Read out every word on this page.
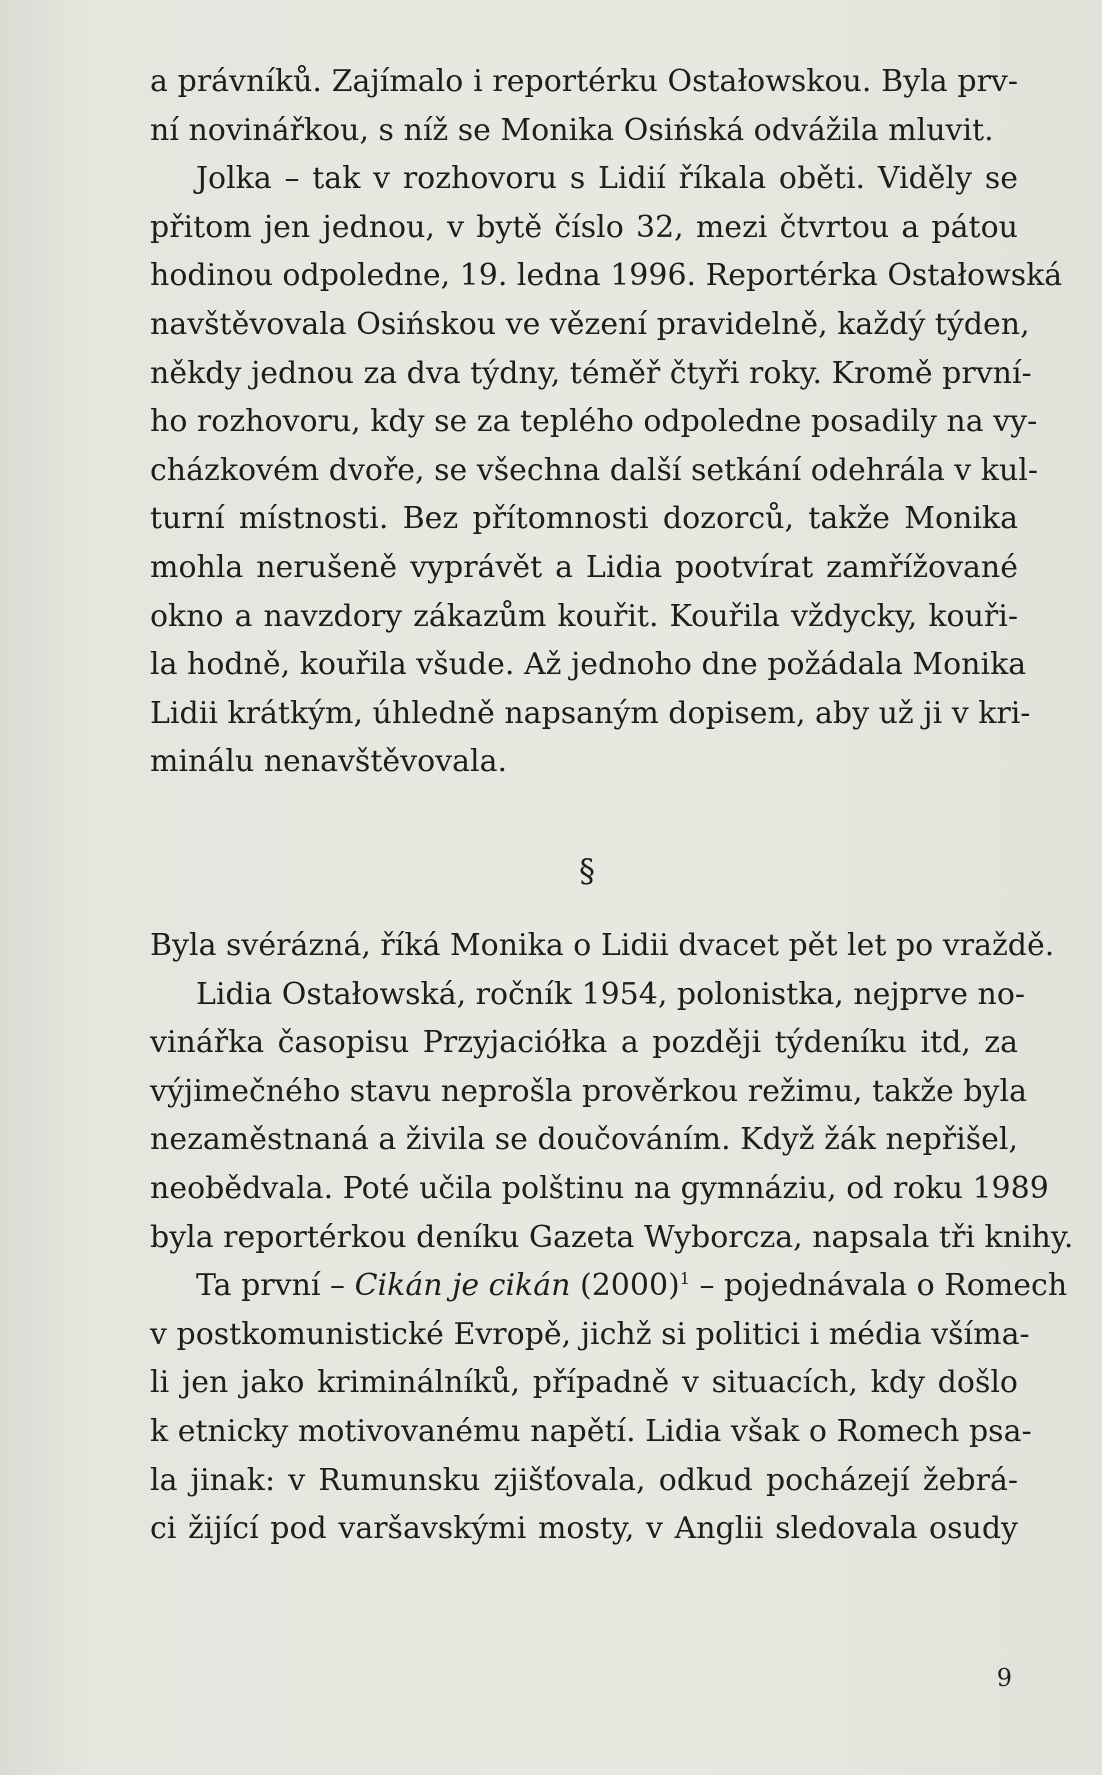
a právníků. Zajímalo i reportérku Ostałowskou. Byla prv-
ní novinářkou, s níž se Monika Osińská odvážila mluvit.
Jolka – tak v rozhovoru s Lidií říkala oběti. Viděly se
přitom jen jednou, v bytě číslo 32, mezi čtvrtou a pátou
hodinou odpoledne, 19. ledna 1996. Reportérka Ostałowská
navštěvovala Osińskou ve vězení pravidelně, každý týden,
někdy jednou za dva týdny, téměř čtyři roky. Kromě první-
ho rozhovoru, kdy se za teplého odpoledne posadily na vy-
cházkovém dvoře, se všechna další setkání odehrála v kul-
turní místnosti. Bez přítomnosti dozorců, takže Monika
mohla nerušeně vyprávět a Lidia pootvírat zamřížované
okno a navzdory zákazům kouřit. Kouřila vždycky, kouři-
la hodně, kouřila všude. Až jednoho dne požádala Monika
Lidii krátkým, úhledně napsaným dopisem, aby už ji v kri-
minálu nenavštěvovala.
§
Byla svérázná, říká Monika o Lidii dvacet pět let po vraždě.
Lidia Ostałowská, ročník 1954, polonistka, nejprve no-
vinářka časopisu Przyjaciółka a později týdeníku itd, za
výjimečného stavu neprošla prověrkou režimu, takže byla
nezaměstnaná a živila se doučováním. Když žák nepřišel,
neobědvala. Poté učila polštinu na gymnáziu, od roku 1989
byla reportérkou deníku Gazeta Wyborcza, napsala tři knihy.
Ta první – Cikán je cikán $(2000)^1$ – pojednávala o Romech
v postkomunistické Evropě, jichž si politici i média všíma-
li jen jako kriminálníků, případně v situacích, kdy došlo
k etnicky motivovanému napětí. Lidia však o Romech psa-
la jinak: v Rumunsku zjišťovala, odkud pocházejí žebrá-
ci žijící pod varšavskými mosty, v Anglii sledovala osudy
9
